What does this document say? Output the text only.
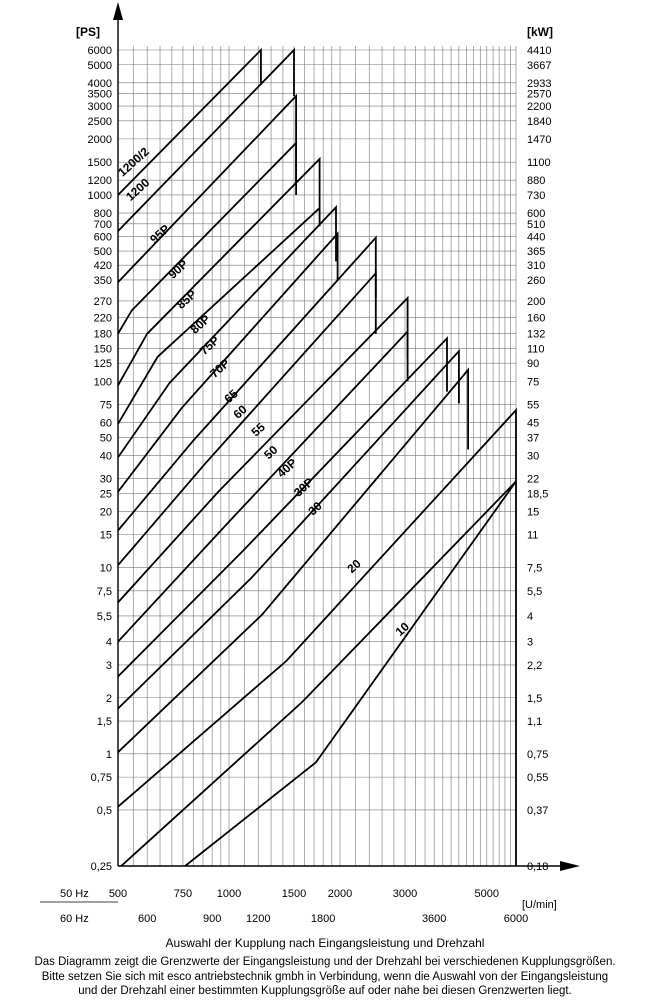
[PS]	[kW]
6000	4410
5000	3667
4000	2933
3500	2570
3000	2200
2500	1840
2000	1470
1500	1100
1200	880
1000	730
800	600
700	510
600	440
500	365
420	310
350	260
270	200
220	160
180	132
150	110
125	90
100	75
75	55
60	45
50	37
40	30
30	22
25	18,5
20	15
15	11
10	7,5
7,5	5,5
5,5	4
4	3
3	2,2
2	1,5
1,5	1,1
1	0,75
0,75	0,55
0,5	0,37
0,25	0,18
50 Hz
60 Hz
500	750 1000	1500 2000	3000	5000
600	900 1200	1800	3600	6000
[U/min]
1200/2
1200
95P
90P
85P
80P
75P
70P
65
60
55
50
40P
30P
30
20
10
Auswahl der Kupplung nach Eingangsleistung und Drehzahl
Das Diagramm zeigt die Grenzwerte der Eingangsleistung und der Drehzahl bei verschiedenen Kupplungsgrößen.
Bitte setzen Sie sich mit esco antriebstechnik gmbh in Verbindung, wenn die Auswahl von der Eingangsleistung
und der Drehzahl einer bestimmten Kupplungsgröße auf oder nahe bei diesen Grenzwerten liegt.
